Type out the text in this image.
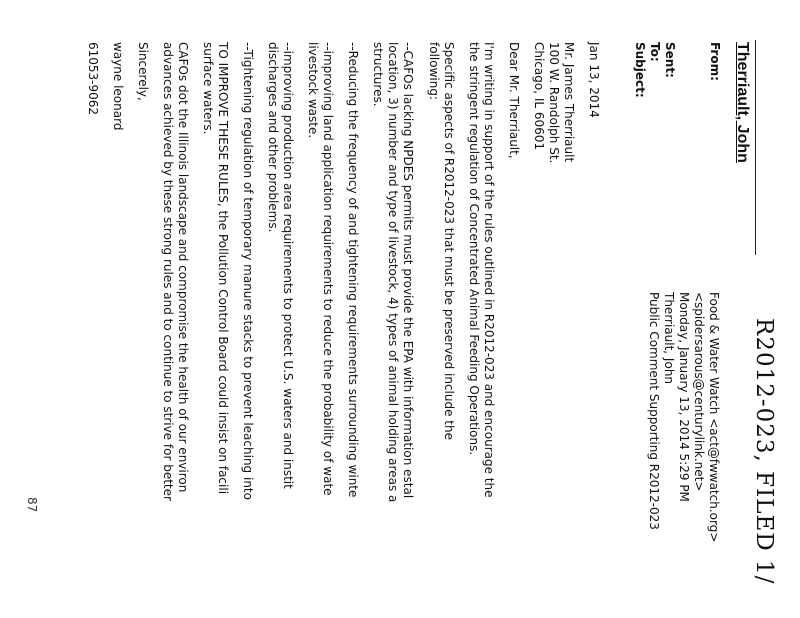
R2012-023, FILED 1/
Therriault, John
From:
Sent:
To:
Subject:
Food & Water Watch <act@fwwatch.org>
<spidersarous@centurylink.net>
Monday, January 13, 2014 5:29 PM
Therriault, John
Public Comment Supporting R2012-023
Jan 13, 2014
Mr. James Therriault
100 W. Randolph St.
Chicago, IL 60601
Dear Mr. Therriault,
I'm writing in support of the rules outlined in R2012-023 and encourage the
the stringent regulation of Concentrated Animal Feeding Operations.
Specific aspects of R2012-023 that must be preserved include the
following:
--CAFOs lacking NPDES permits must provide the EPA with information estal
location, 3) number and type of livestock, 4) types of animal holding areas a
structures.
--Reducing the frequency of and tightening requirements surrounding winte
--improving land application requirements to reduce the probability of wate
livestock waste.
--improving production area requirements to protect U.S. waters and instit
discharges and other problems.
--Tightening regulation of temporary manure stacks to prevent leaching into
TO IMPROVE THESE RULES, the Pollution Control Board could insist on facili
surface waters.
CAFOs dot the Illinois landscape and compromise the health of our environ
advances achieved by these strong rules and to continue to strive for better
Sincerely,
wayne leonard
61053-9062
87
